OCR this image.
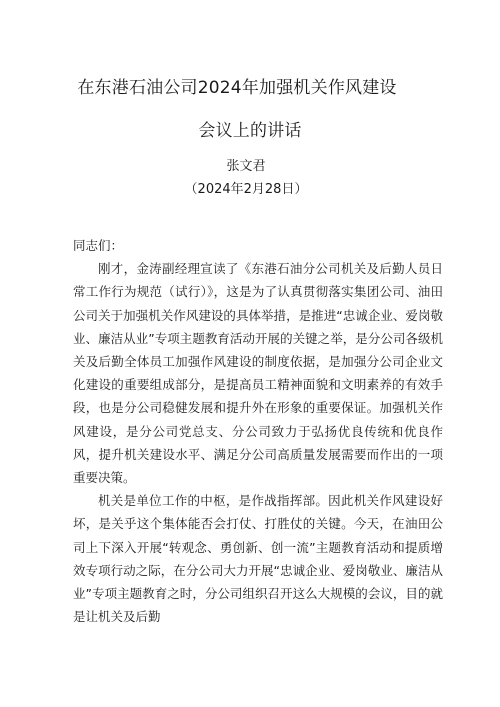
在东港石油公司2024年加强机关作风建设
会议上的讲话
张文君
（2024年2月28日）
同志们：

刚才，金涛副经理宣读了《东港石油分公司机关及后勤人员日常工作行为规范（试行）》，这是为了认真贯彻落实集团公司、油田公司关于加强机关作风建设的具体举措，是推进“忠诚企业、爱岗敬业、廉洁从业”专项主题教育活动开展的关键之举，是分公司各级机关及后勤全体员工加强作风建设的制度依据，是加强分公司企业文化建设的重要组成部分，是提高员工精神面貌和文明素养的有效手段，也是分公司稳健发展和提升外在形象的重要保证。加强机关作风建设，是分公司党总支、分公司致力于弘扬优良传统和优良作风，提升机关建设水平、满足分公司高质量发展需要而作出的一项重要决策。

机关是单位工作的中枢，是作战指挥部。因此机关作风建设好坏，是关乎这个集体能否会打仗、打胜仗的关键。今天，在油田公司上下深入开展“转观念、勇创新、创一流”主题教育活动和提质增效专项行动之际，在分公司大力开展“忠诚企业、爱岗敬业、廉洁从业”专项主题教育之时，分公司组织召开这么大规模的会议，目的就是让机关及后勤
